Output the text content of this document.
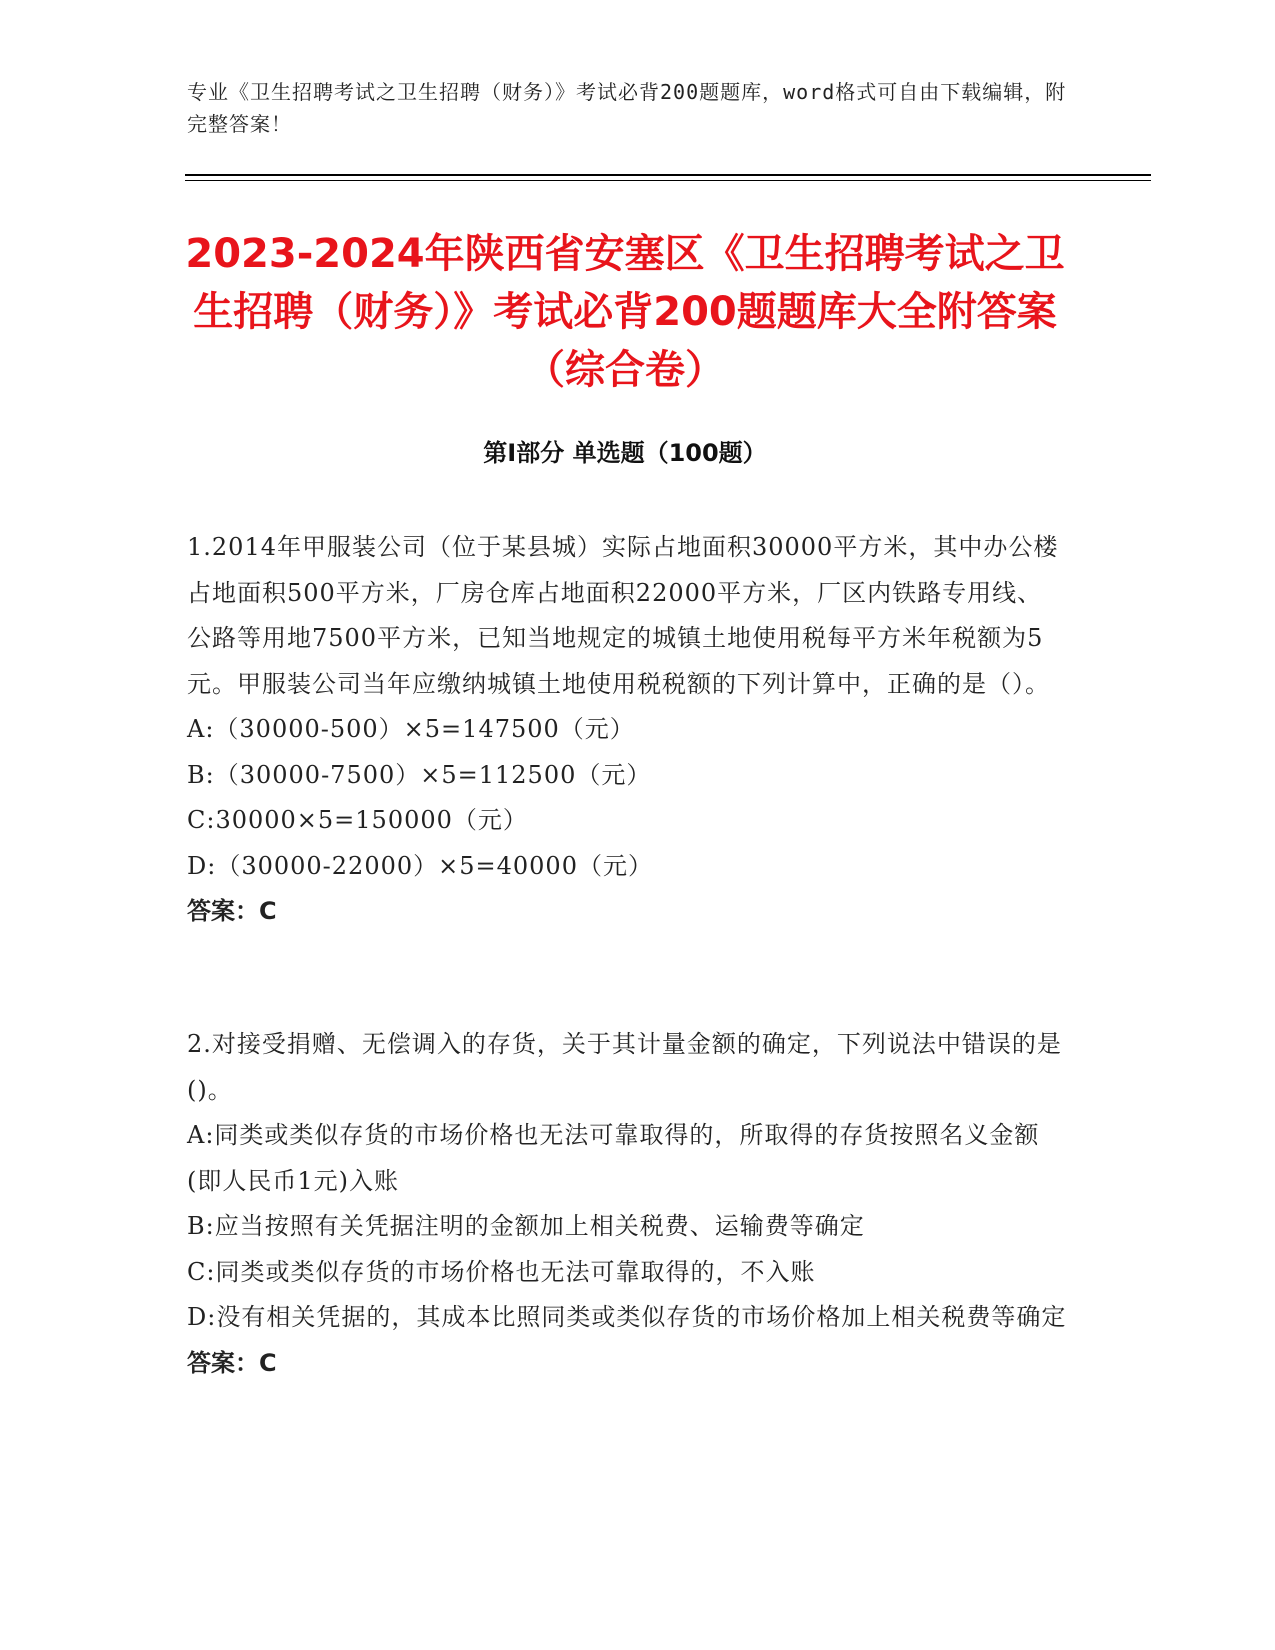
专业《卫生招聘考试之卫生招聘（财务）》考试必背200题题库，word格式可自由下载编辑，附完整答案！
2023-2024年陕西省安塞区《卫生招聘考试之卫生招聘（财务）》考试必背200题题库大全附答案（综合卷）
第Ⅰ部分 单选题（100题）

1.2014年甲服装公司（位于某县城）实际占地面积30000平方米，其中办公楼占地面积500平方米，厂房仓库占地面积22000平方米，厂区内铁路专用线、公路等用地7500平方米，已知当地规定的城镇土地使用税每平方米年税额为5元。甲服装公司当年应缴纳城镇土地使用税税额的下列计算中，正确的是（）。

A:（30000-500）×5=147500（元）

B:（30000-7500）×5=112500（元）

C:30000×5=150000（元）

D:（30000-22000）×5=40000（元）

答案：C

2.对接受捐赠、无偿调入的存货，关于其计量金额的确定，下列说法中错误的是()。

A:同类或类似存货的市场价格也无法可靠取得的，所取得的存货按照名义金额(即人民币1元)入账

B:应当按照有关凭据注明的金额加上相关税费、运输费等确定

C:同类或类似存货的市场价格也无法可靠取得的，不入账

D:没有相关凭据的，其成本比照同类或类似存货的市场价格加上相关税费等确定

答案：C
